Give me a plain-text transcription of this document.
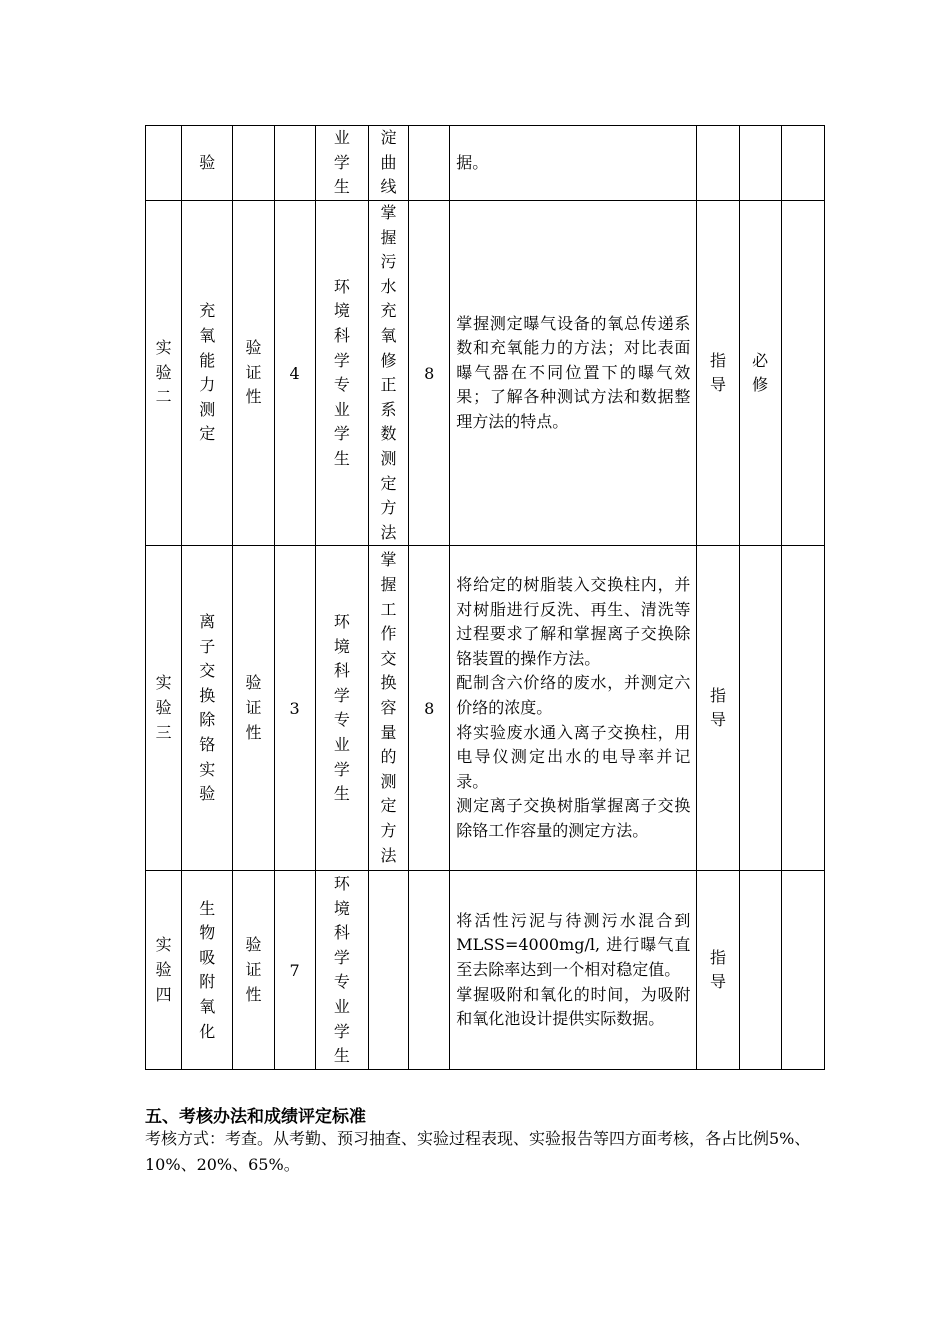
	验			业学生	淀曲线		据。			

实验二	充氧能力测定	验证性	4	环境科学专业学生	掌握污水充氧修正系数测定方法	8	掌握测定曝气设备的氧总传递系数和充氧能力的方法；对比表面曝气器在不同位置下的曝气效果；了解各种测试方法和数据整理方法的特点。	指导	必修	

实验三	离子交换除铬实验	验证性	3	环境科学专业学生	掌握工作交换容量的测定方法	8	将给定的树脂装入交换柱内，并对树脂进行反洗、再生、清洗等过程要求了解和掌握离子交换除铬装置的操作方法。
配制含六价络的废水，并测定六价络的浓度。
将实验废水通入离子交换柱，用电导仪测定出水的电导率并记录。
测定离子交换树脂掌握离子交换除铬工作容量的测定方法。	指导		

实验四	生物吸附氧化	验证性	7	环境科学专业学生			将活性污泥与待测污水混合到MLSS=4000mg/l, 进行曝气直至去除率达到一个相对稳定值。
掌握吸附和氧化的时间，为吸附和氧化池设计提供实际数据。	指导		

五、考核办法和成绩评定标准
考核方式：考查。从考勤、预习抽查、实验过程表现、实验报告等四方面考核，各占比例5%、10%、20%、65%。
